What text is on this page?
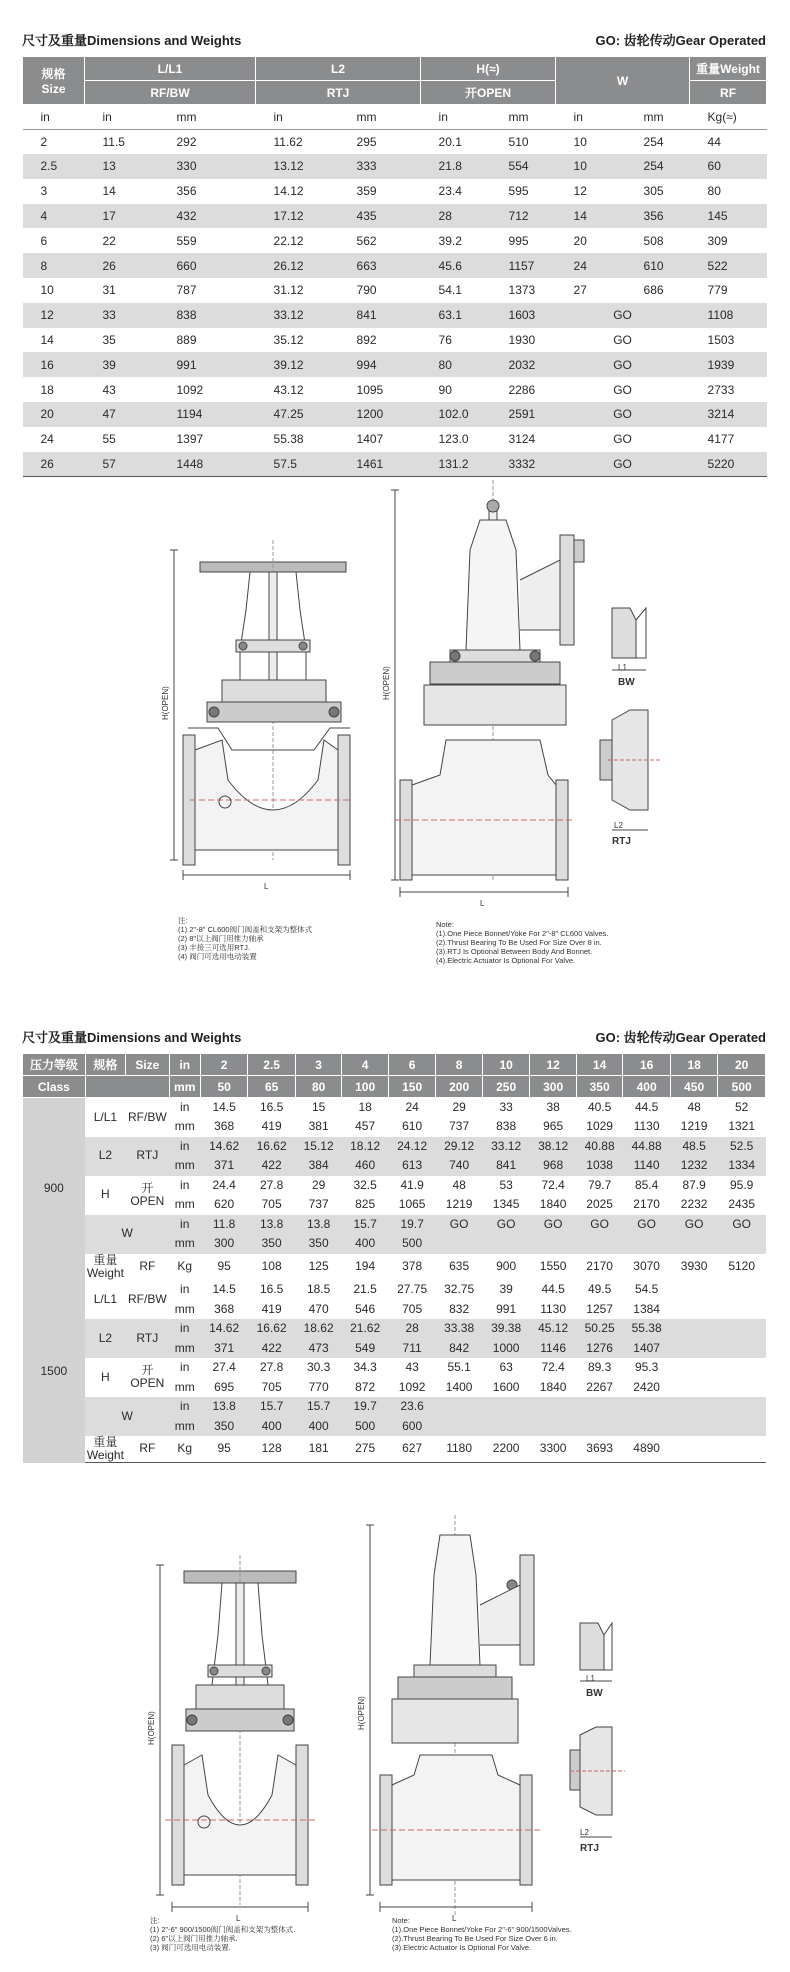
尺寸及重量Dimensions and Weights	GO: 齿轮传动Gear Operated
规格
Size	L/L1		L2		H(≈)		W		重量Weight
	RF/BW		RTJ		开OPEN				RF
in	in	mm	in	mm	in	mm	in	mm	Kg(≈)
2	11.5	292	11.62	295	20.1	510	10	254	44
2.5	13	330	13.12	333	21.8	554	10	254	60
3	14	356	14.12	359	23.4	595	12	305	80
4	17	432	17.12	435	28	712	14	356	145
6	22	559	22.12	562	39.2	995	20	508	309
8	26	660	26.12	663	45.6	1157	24	610	522
10	31	787	31.12	790	54.1	1373	27	686	779
12	33	838	33.12	841	63.1	1603	GO		1108
14	35	889	35.12	892	76	1930	GO		1503
16	39	991	39.12	994	80	2032	GO		1939
18	43	1092	43.12	1095	90	2286	GO		2733
20	47	1194	47.25	1200	102.0	2591	GO		3214
24	55	1397	55.38	1407	123.0	3124	GO		4177
26	57	1448	57.5	1461	131.2	3332	GO		5220
H(OPEN)
H(OPEN)
L
L
L1
BW
L2
RTJ
注:
(1) 2"-8" CL600阀门阀盖和支架为整体式
(2) 8"以上阀门用推力轴承
(3) 丰接三可选用RTJ.
(4) 阀门可选用电动装置
Note:
(1).One Piece Bonnet/Yoke For 2"-8" CL600 Valves.
(2).Thrust Bearing To Be Used For Size Over 8 in.
(3).RTJ Is Optional Between Body And Bonnet.
(4).Electric Actuator Is Optional For Valve.
尺寸及重量Dimensions and Weights	GO: 齿轮传动Gear Operated
压力等级	规格	Size	in	2	2.5	3	4	6	8	10	12	14	16	18	20
Class			mm	50	65	80	100	150	200	250	300	350	400	450	500
900	L/L1	RF/BW	in	14.5	16.5	15	18	24	29	33	38	40.5	44.5	48	52
			mm	368	419	381	457	610	737	838	965	1029	1130	1219	1321
	L2	RTJ	in	14.62	16.62	15.12	18.12	24.12	29.12	33.12	38.12	40.88	44.88	48.5	52.5
			mm	371	422	384	460	613	740	841	968	1038	1140	1232	1334
	H	开
OPEN	in	24.4	27.8	29	32.5	41.9	48	53	72.4	79.7	85.4	87.9	95.9
			mm	620	705	737	825	1065	1219	1345	1840	2025	2170	2232	2435
	W		in	11.8	13.8	13.8	15.7	19.7	GO	GO	GO	GO	GO	GO	GO
			mm	300	350	350	400	500							

	重量
Weight	RF	Kg	95	108	125	194	378	635	900	1550	2170	3070	3930	5120
1500	L/L1	RF/BW	in	14.5	16.5	18.5	21.5	27.75	32.75	39	44.5	49.5	54.5		
			mm	368	419	470	546	705	832	991	1130	1257	1384		
	L2	RTJ	in	14.62	16.62	18.62	21.62	28	33.38	39.38	45.12	50.25	55.38		
			mm	371	422	473	549	711	842	1000	1146	1276	1407		
	H	开
OPEN	in	27.4	27.8	30.3	34.3	43	55.1	63	72.4	89.3	95.3		
			mm	695	705	770	872	1092	1400	1600	1840	2267	2420		
	W		in	13.8	15.7	15.7	19.7	23.6							
			mm	350	400	400	500	600							

	重量
Weight	RF	Kg	95	128	181	275	627	1180	2200	3300	3693	4890		
H(OPEN)	H(OPEN)
L	L
L1
BW
L2
RTJ
注:
(1) 2"-6" 900/1500阀门阀盖和支架为整体式.
(2) 6"以上阀门用推力轴承.
(3) 阀门可选用电动装置.
Note:
(1).One Piece Bonnet/Yoke For 2"-6" 900/1500Valves.
(2).Thrust Bearing To Be Used For Size Over 6 in.
(3).Electric Actuator Is Optional For Valve.
